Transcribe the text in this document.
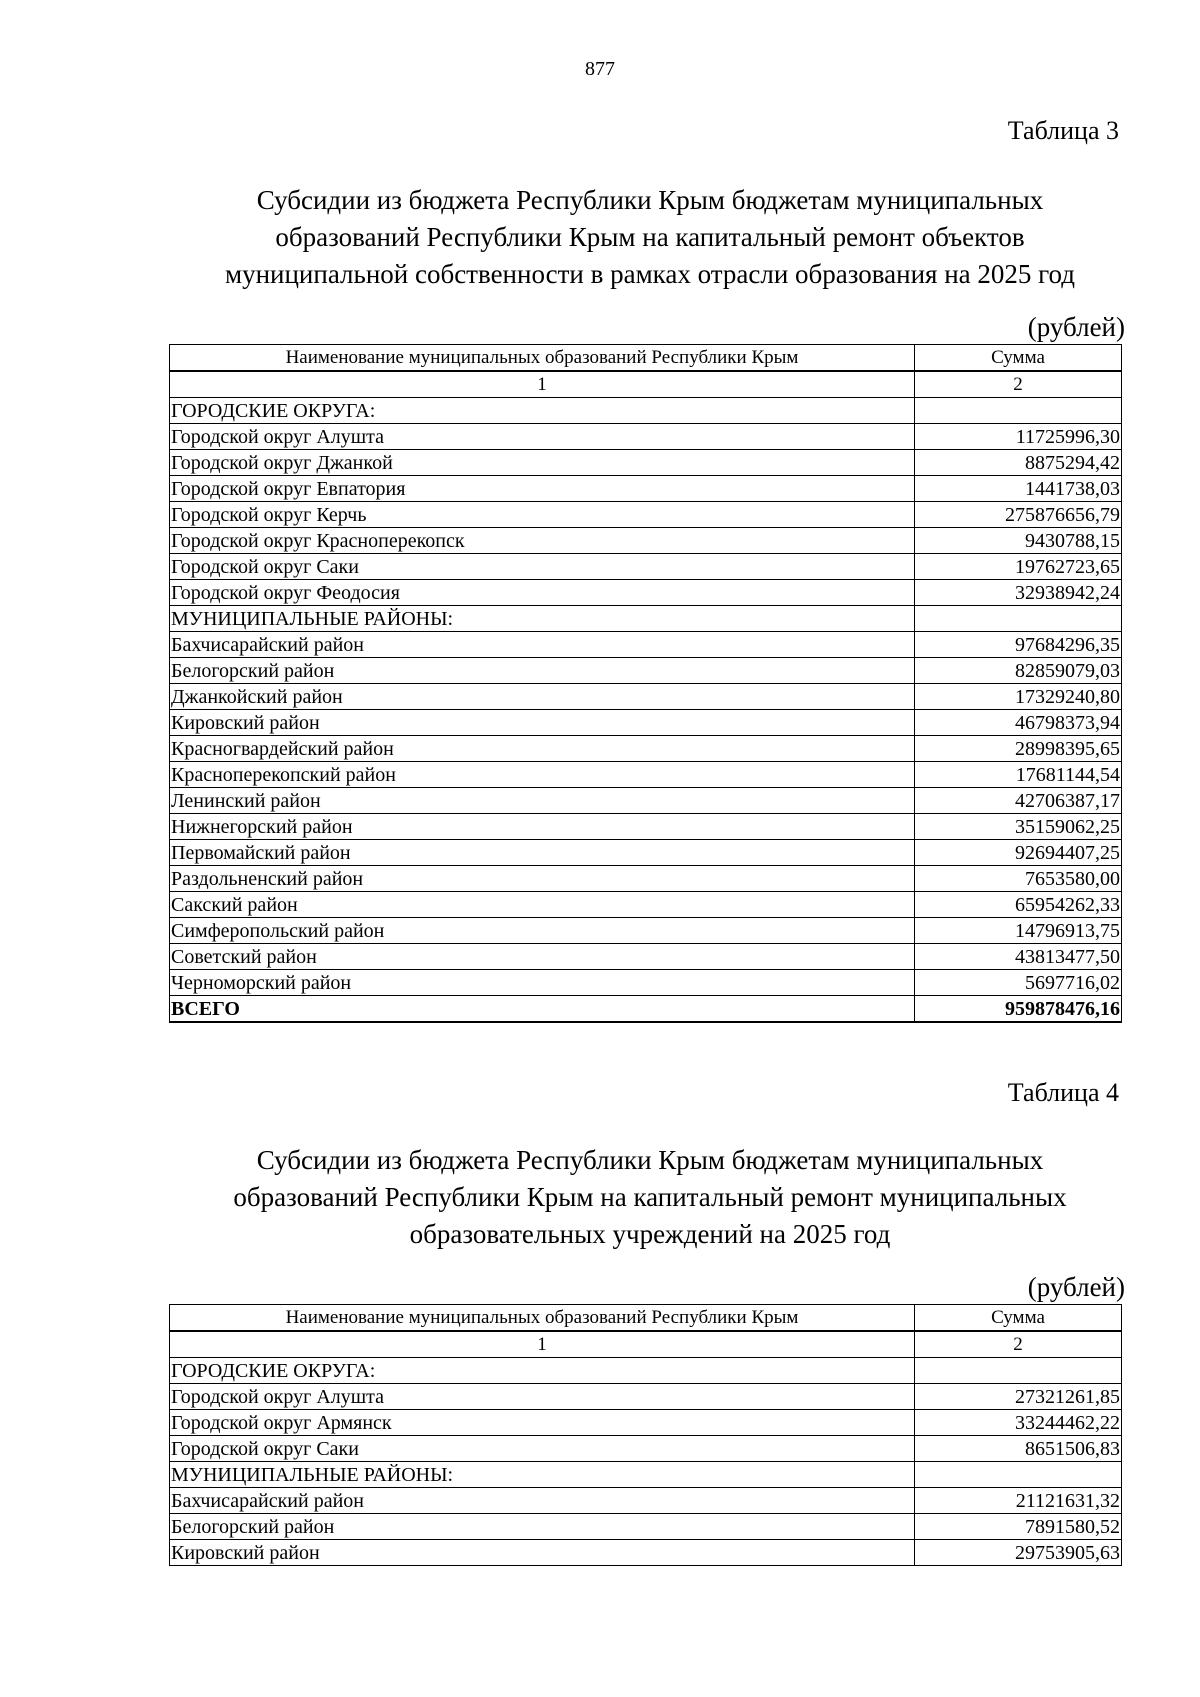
877
Таблица 3
Субсидии из бюджета Республики Крым бюджетам муниципальных
образований Республики Крым на капитальный ремонт объектов
муниципальной собственности в рамках отрасли образования на 2025 год
(рублей)
Наименование муниципальных образований Республики Крым	Сумма
1	2
ГОРОДСКИЕ ОКРУГА:	
Городской округ Алушта	11725996,30
Городской округ Джанкой	8875294,42
Городской округ Евпатория	1441738,03
Городской округ Керчь	275876656,79
Городской округ Красноперекопск	9430788,15
Городской округ Саки	19762723,65
Городской округ Феодосия	32938942,24
МУНИЦИПАЛЬНЫЕ РАЙОНЫ:	
Бахчисарайский район	97684296,35
Белогорский район	82859079,03
Джанкойский район	17329240,80
Кировский район	46798373,94
Красногвардейский район	28998395,65
Красноперекопский район	17681144,54
Ленинский район	42706387,17
Нижнегорский район	35159062,25
Первомайский район	92694407,25
Раздольненский район	7653580,00
Сакский район	65954262,33
Симферопольский район	14796913,75
Советский район	43813477,50
Черноморский район	5697716,02
ВСЕГО	959878476,16
Таблица 4
Субсидии из бюджета Республики Крым бюджетам муниципальных
образований Республики Крым на капитальный ремонт муниципальных
образовательных учреждений на 2025 год
(рублей)
Наименование муниципальных образований Республики Крым	Сумма
1	2
ГОРОДСКИЕ ОКРУГА:	
Городской округ Алушта	27321261,85
Городской округ Армянск	33244462,22
Городской округ Саки	8651506,83
МУНИЦИПАЛЬНЫЕ РАЙОНЫ:	
Бахчисарайский район	21121631,32
Белогорский район	7891580,52
Кировский район	29753905,63
